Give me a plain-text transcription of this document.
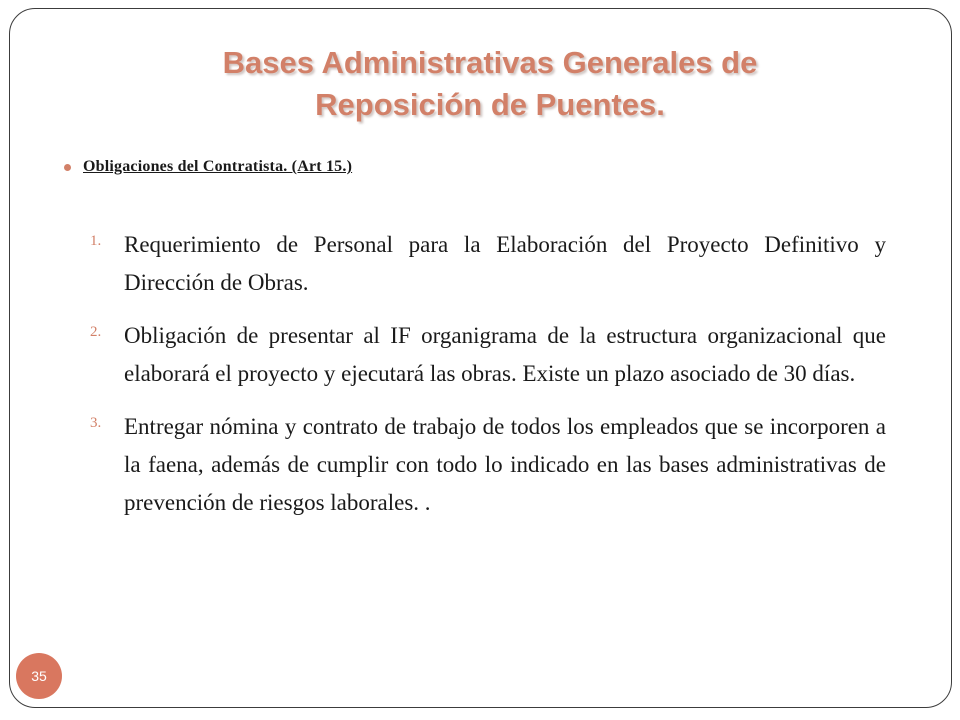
Bases Administrativas Generales de
Reposición de Puentes.
Obligaciones del Contratista. (Art 15.)
1. Requerimiento de Personal para la Elaboración del Proyecto Definitivo y Dirección de Obras.
2. Obligación de presentar al IF organigrama de la estructura organizacional que elaborará el proyecto y ejecutará las obras. Existe un plazo asociado de 30 días.
3. Entregar nómina y contrato de trabajo de todos los empleados que se incorporen a la faena, además de cumplir con todo lo indicado en las bases administrativas de prevención de riesgos laborales. .
35
